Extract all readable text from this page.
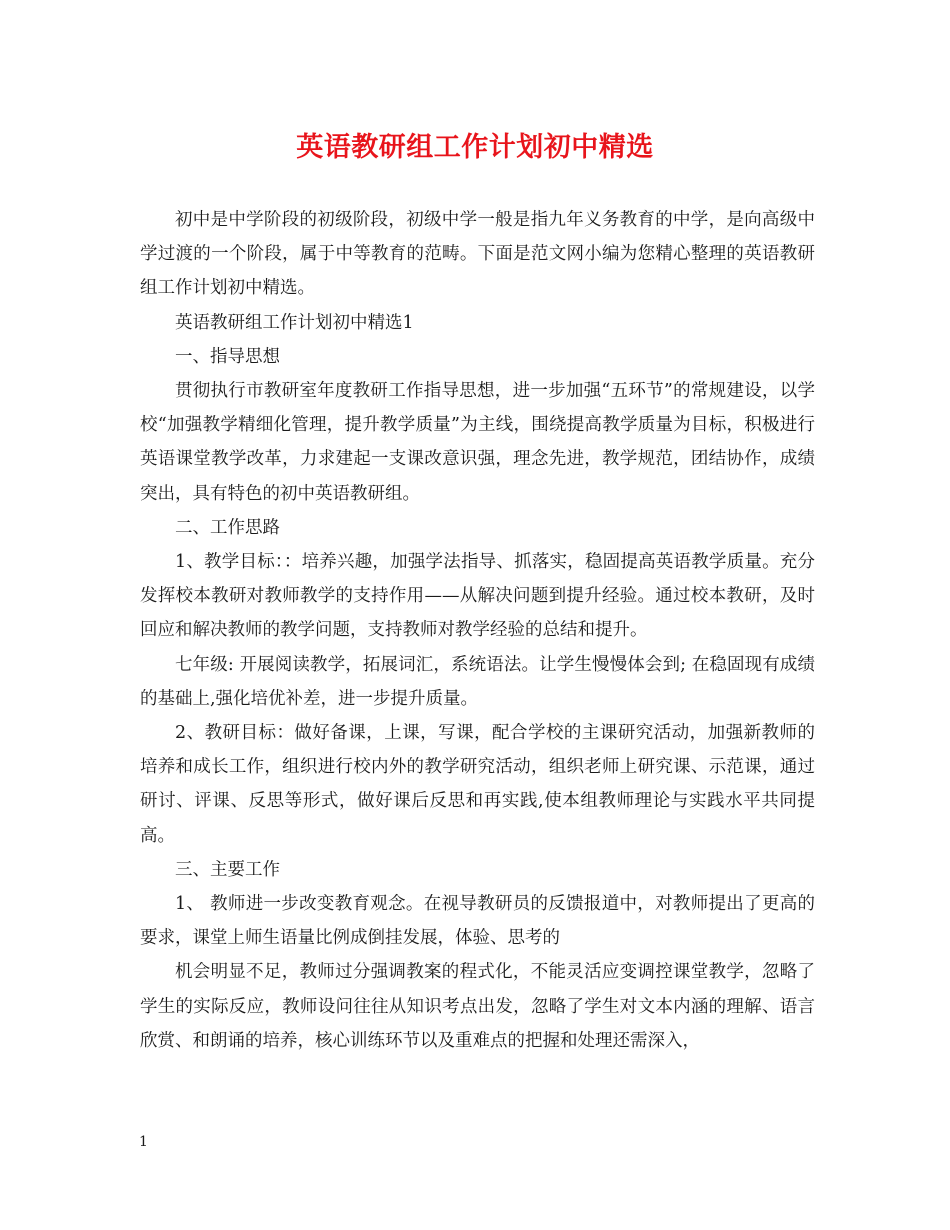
英语教研组工作计划初中精选

初中是中学阶段的初级阶段，初级中学一般是指九年义务教育的中学，是向高级中学过渡的一个阶段，属于中等教育的范畴。下面是范文网小编为您精心整理的英语教研组工作计划初中精选。

英语教研组工作计划初中精选1

一、指导思想

贯彻执行市教研室年度教研工作指导思想，进一步加强“五环节”的常规建设，以学校“加强教学精细化管理，提升教学质量”为主线，围绕提高教学质量为目标，积极进行英语课堂教学改革，力求建起一支课改意识强，理念先进，教学规范，团结协作，成绩突出，具有特色的初中英语教研组。

二、工作思路

1、教学目标：：培养兴趣，加强学法指导、抓落实，稳固提高英语教学质量。充分发挥校本教研对教师教学的支持作用——从解决问题到提升经验。通过校本教研，及时回应和解决教师的教学问题，支持教师对教学经验的总结和提升。

七年级: 开展阅读教学，拓展词汇，系统语法。让学生慢慢体会到; 在稳固现有成绩的基础上,强化培优补差，进一步提升质量。

2、教研目标：做好备课，上课，写课，配合学校的主课研究活动，加强新教师的培养和成长工作，组织进行校内外的教学研究活动，组织老师上研究课、示范课，通过研讨、评课、反思等形式，做好课后反思和再实践,使本组教师理论与实践水平共同提高。

三、主要工作

1、 教师进一步改变教育观念。在视导教研员的反馈报道中，对教师提出了更高的要求，课堂上师生语量比例成倒挂发展，体验、思考的

机会明显不足，教师过分强调教案的程式化，不能灵活应变调控课堂教学，忽略了学生的实际反应，教师设问往往从知识考点出发，忽略了学生对文本内涵的理解、语言欣赏、和朗诵的培养，核心训练环节以及重难点的把握和处理还需深入，

1
